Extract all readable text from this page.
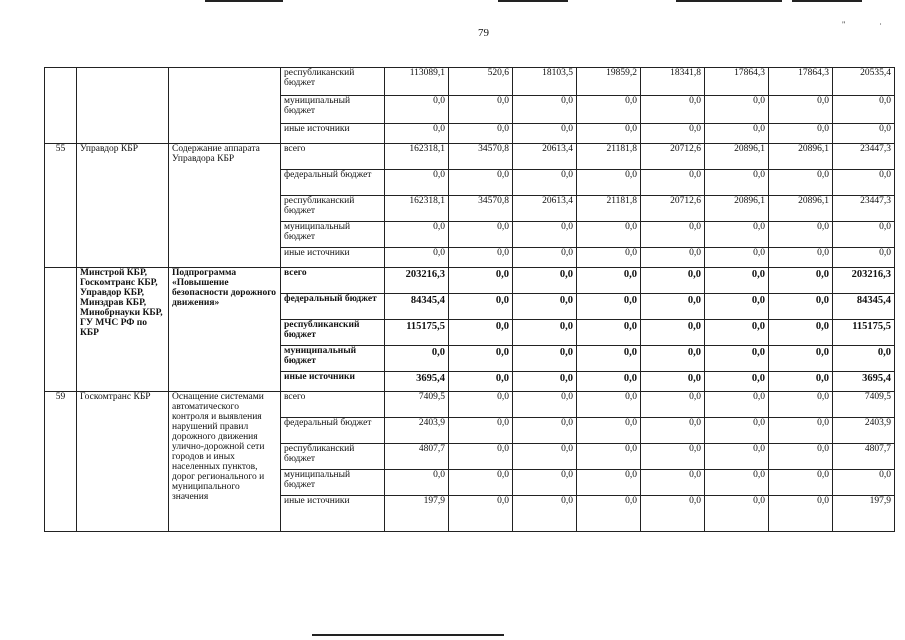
79
" ·
			республиканский бюджет	113089,1	520,6	18103,5	19859,2	18341,8	17864,3	17864,3	20535,4
			муниципальный бюджет	0,0	0,0	0,0	0,0	0,0	0,0	0,0	0,0
			иные источники	0,0	0,0	0,0	0,0	0,0	0,0	0,0	0,0
55	Управдор КБР	Содержание аппарата Управдора КБР	всего	162318,1	34570,8	20613,4	21181,8	20712,6	20896,1	20896,1	23447,3
			федеральный бюджет	0,0	0,0	0,0	0,0	0,0	0,0	0,0	0,0
			республиканский бюджет	162318,1	34570,8	20613,4	21181,8	20712,6	20896,1	20896,1	23447,3
			муниципальный бюджет	0,0	0,0	0,0	0,0	0,0	0,0	0,0	0,0
			иные источники	0,0	0,0	0,0	0,0	0,0	0,0	0,0	0,0
	Минстрой КБР, Госкомтранс КБР, Управдор КБР, Минздрав КБР, Минобрнауки КБР, ГУ МЧС РФ по КБР	Подпрограмма «Повышение безопасности дорожного движения»	всего	203216,3	0,0	0,0	0,0	0,0	0,0	0,0	203216,3
			федеральный бюджет	84345,4	0,0	0,0	0,0	0,0	0,0	0,0	84345,4
			республиканский бюджет	115175,5	0,0	0,0	0,0	0,0	0,0	0,0	115175,5
			муниципальный бюджет	0,0	0,0	0,0	0,0	0,0	0,0	0,0	0,0
			иные источники	3695,4	0,0	0,0	0,0	0,0	0,0	0,0	3695,4
59	Госкомтранс КБР	Оснащение системами автоматического контроля и выявления нарушений правил дорожного движения улично-дорожной сети городов и иных населенных пунктов, дорог регионального и муниципального значения	всего	7409,5	0,0	0,0	0,0	0,0	0,0	0,0	7409,5
			федеральный бюджет	2403,9	0,0	0,0	0,0	0,0	0,0	0,0	2403,9
			республиканский бюджет	4807,7	0,0	0,0	0,0	0,0	0,0	0,0	4807,7
			муниципальный бюджет	0,0	0,0	0,0	0,0	0,0	0,0	0,0	0,0
			иные источники	197,9	0,0	0,0	0,0	0,0	0,0	0,0	197,9
